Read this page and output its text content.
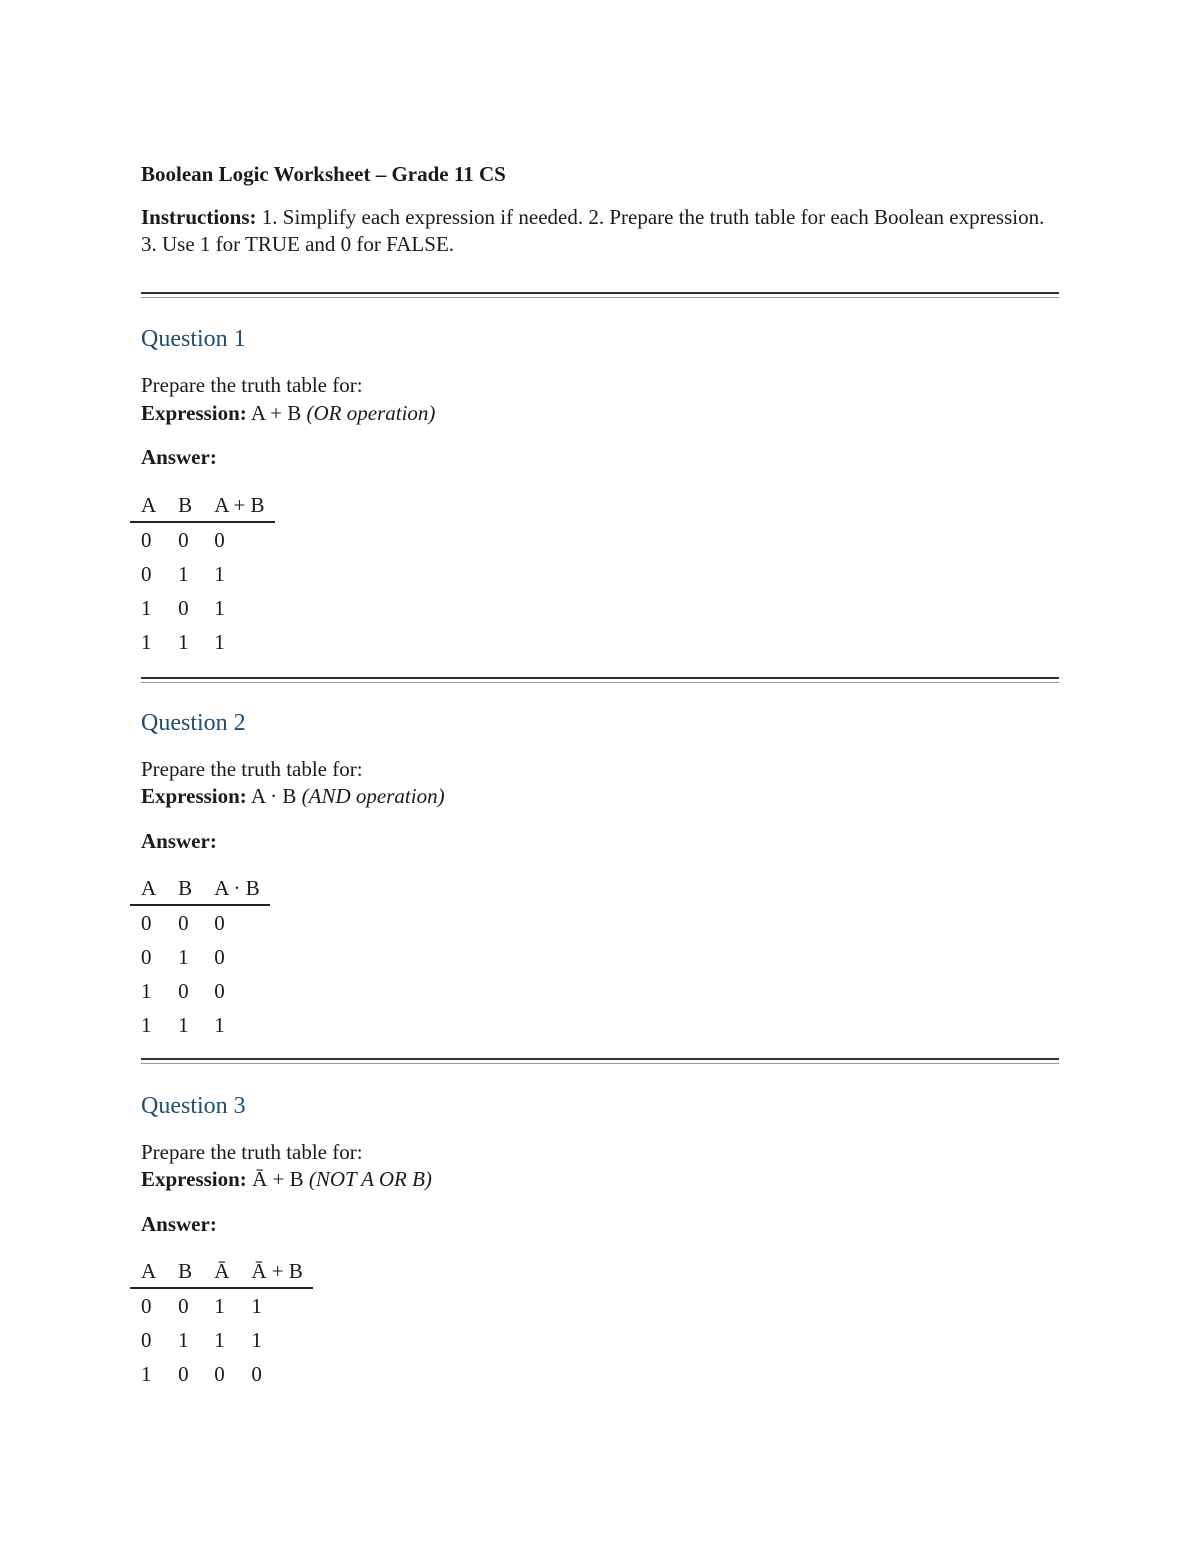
Boolean Logic Worksheet – Grade 11 CS
Instructions: 1. Simplify each expression if needed. 2. Prepare the truth table for each Boolean expression. 3. Use 1 for TRUE and 0 for FALSE.
Question 1
Prepare the truth table for:
Expression: A + B (OR operation)
Answer:
A	B	A + B
0	0	0
0	1	1
1	0	1
1	1	1
Question 2
Prepare the truth table for:
Expression: A · B (AND operation)
Answer:
A	B	A · B
0	0	0
0	1	0
1	0	0
1	1	1
Question 3
Prepare the truth table for:
Expression: Ā + B (NOT A OR B)
Answer:
A	B	Ā	Ā + B
0	0	1	1
0	1	1	1
1	0	0	0
